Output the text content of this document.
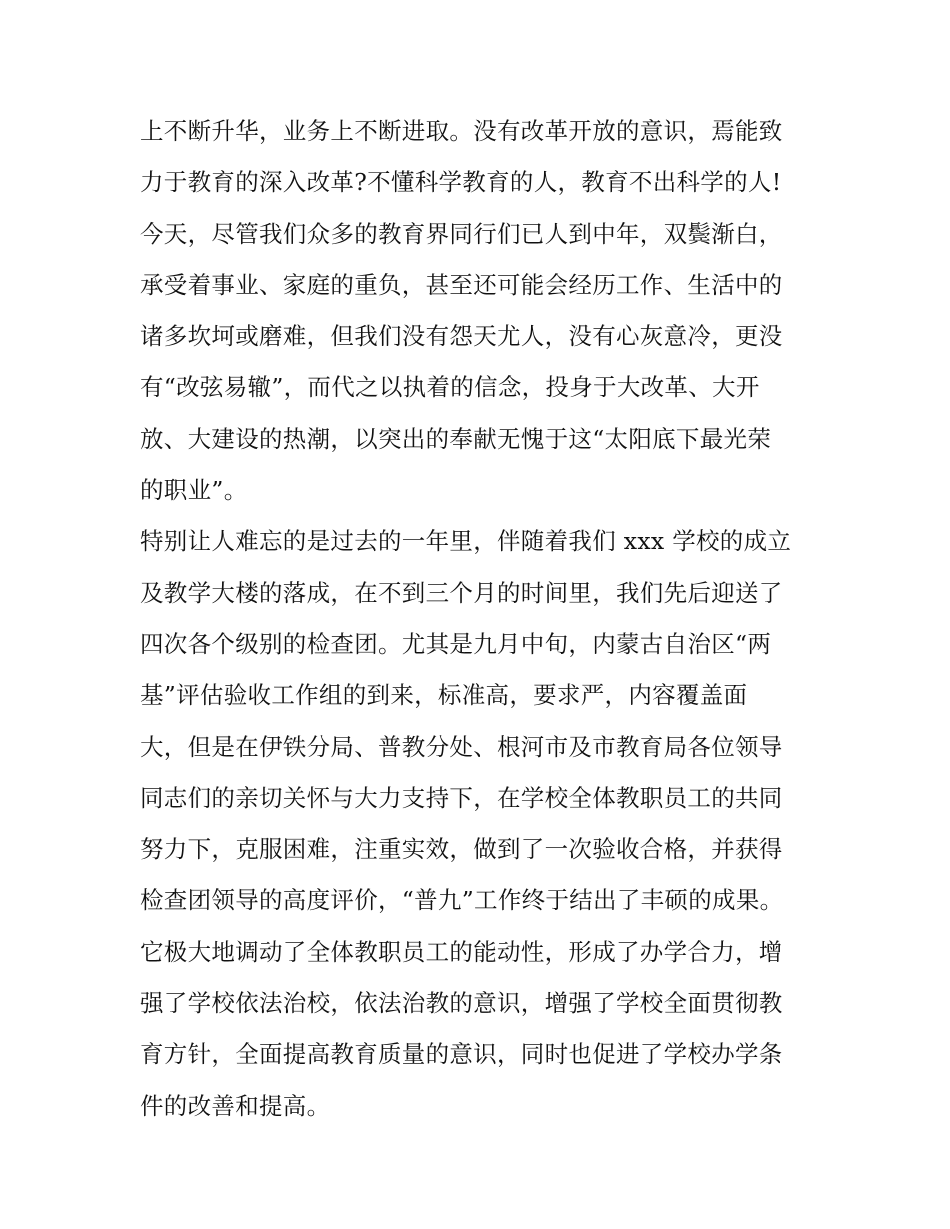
上不断升华，业务上不断进取。没有改革开放的意识，焉能致
力于教育的深入改革?不懂科学教育的人，教育不出科学的人!
今天，尽管我们众多的教育界同行们已人到中年，双鬓渐白，
承受着事业、家庭的重负，甚至还可能会经历工作、生活中的
诸多坎坷或磨难，但我们没有怨天尤人，没有心灰意冷，更没
有“改弦易辙”，而代之以执着的信念，投身于大改革、大开
放、大建设的热潮，以突出的奉献无愧于这“太阳底下最光荣
的职业”。
特别让人难忘的是过去的一年里，伴随着我们 xxx 学校的成立
及教学大楼的落成，在不到三个月的时间里，我们先后迎送了
四次各个级别的检查团。尤其是九月中旬，内蒙古自治区“两
基”评估验收工作组的到来，标准高，要求严，内容覆盖面
大，但是在伊铁分局、普教分处、根河市及市教育局各位领导
同志们的亲切关怀与大力支持下，在学校全体教职员工的共同
努力下，克服困难，注重实效，做到了一次验收合格，并获得
检查团领导的高度评价，“普九”工作终于结出了丰硕的成果。
它极大地调动了全体教职员工的能动性，形成了办学合力，增
强了学校依法治校，依法治教的意识，增强了学校全面贯彻教
育方针，全面提高教育质量的意识，同时也促进了学校办学条
件的改善和提高。
